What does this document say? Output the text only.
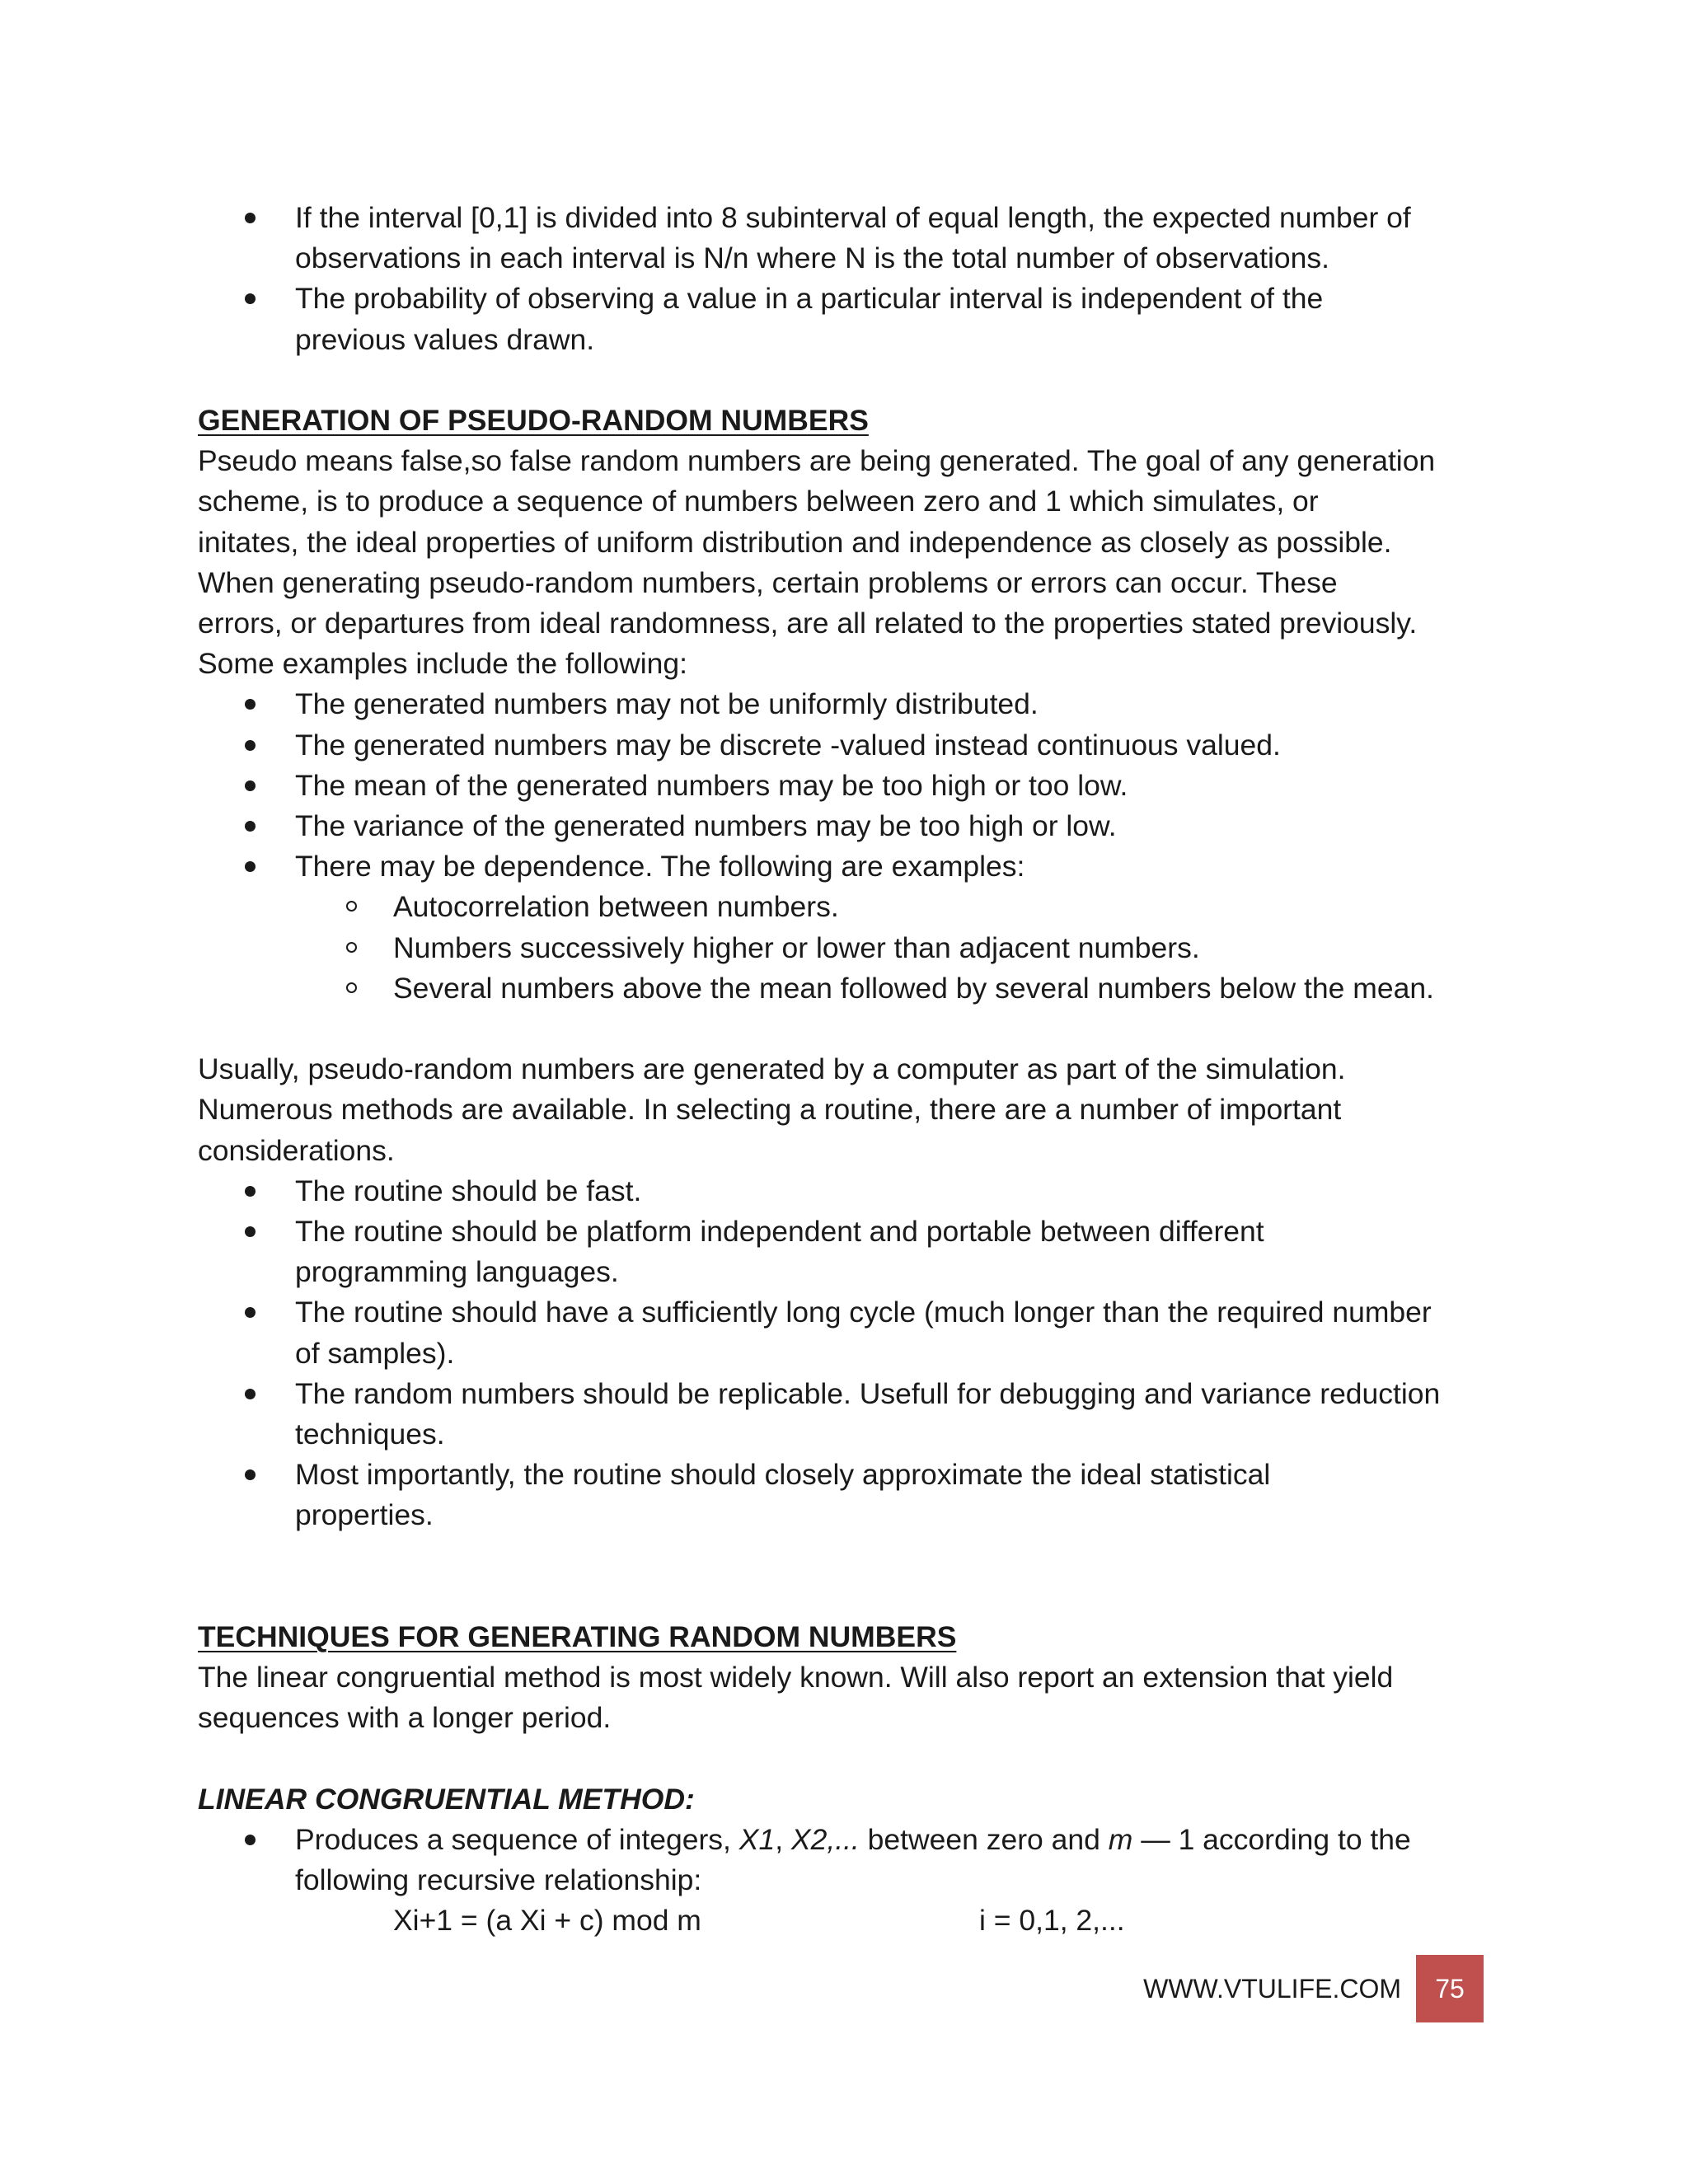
If the interval [0,1] is divided into 8 subinterval of equal length, the expected number of
observations in each interval is N/n where N is the total number of observations.
The probability of observing a value in a particular interval is independent of the
previous values drawn.
GENERATION OF PSEUDO-RANDOM NUMBERS
Pseudo means false,so false random numbers are being generated. The goal of any generation
scheme, is to produce a sequence of numbers belween zero and 1 which simulates, or
initates, the ideal properties of uniform distribution and independence as closely as possible.
When generating pseudo-random numbers, certain problems or errors can occur. These
errors, or departures from ideal randomness, are all related to the properties stated previously.
Some examples include the following:
The generated numbers may not be uniformly distributed.
The generated numbers may be discrete -valued instead continuous valued.
The mean of the generated numbers may be too high or too low.
The variance of the generated numbers may be too high or low.
There may be dependence. The following are examples:
Autocorrelation between numbers.
Numbers successively higher or lower than adjacent numbers.
Several numbers above the mean followed by several numbers below the mean.
Usually, pseudo-random numbers are generated by a computer as part of the simulation.
Numerous methods are available. In selecting a routine, there are a number of important
considerations.
The routine should be fast.
The routine should be platform independent and portable between different
programming languages.
The routine should have a sufficiently long cycle (much longer than the required number
of samples).
The random numbers should be replicable. Usefull for debugging and variance reduction
techniques.
Most importantly, the routine should closely approximate the ideal statistical
properties.
TECHNIQUES FOR GENERATING RANDOM NUMBERS
The linear congruential method is most widely known. Will also report an extension that yield
sequences with a longer period.
LINEAR CONGRUENTIAL METHOD:
Produces a sequence of integers, X1, X2,... between zero and m — 1 according to the
following recursive relationship:
Xi+1 = (a Xi + c) mod m	i = 0,1, 2,...
WWW.VTULIFE.COM	75
